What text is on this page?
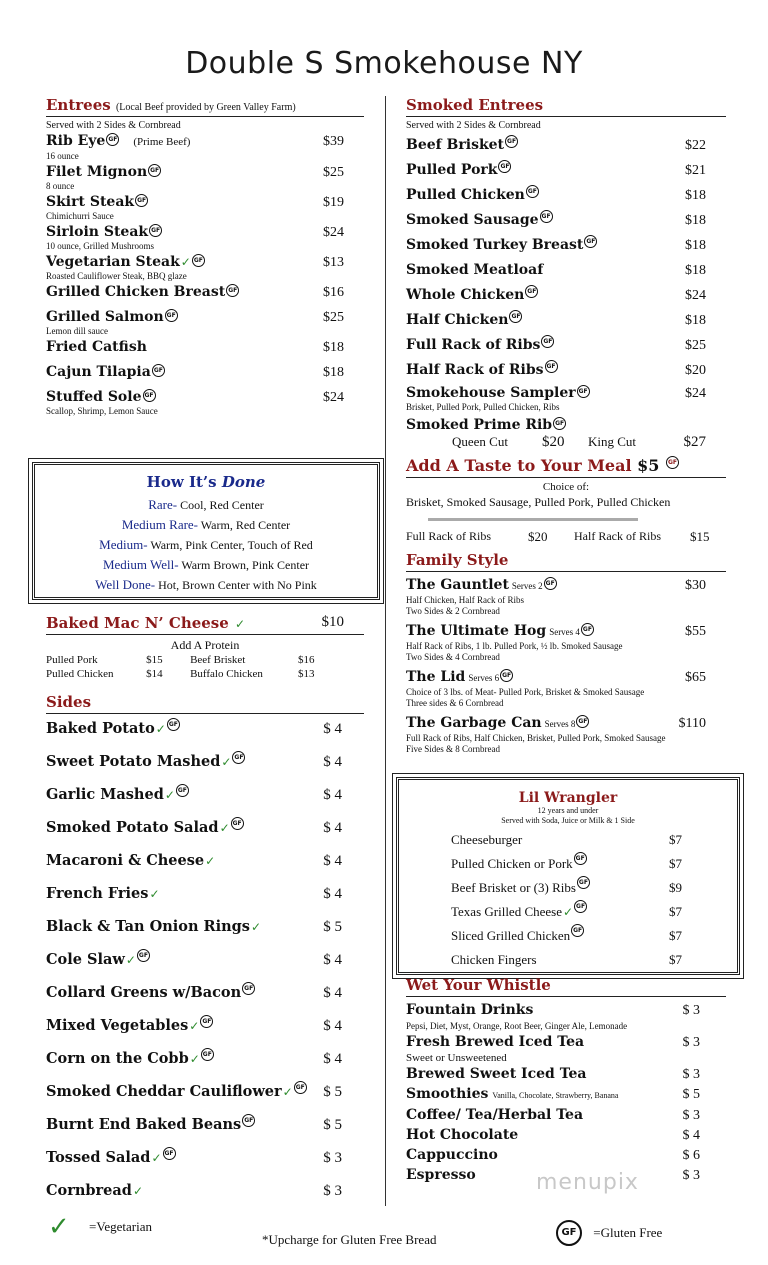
Double S Smokehouse NY
Entrees (Local Beef provided by Green Valley Farm)
Served with 2 Sides & Cornbread
Rib Eye GF (Prime Beef)	$39
16 ounce
Filet Mignon GF	$25
8 ounce
Skirt Steak GF	$19
Chimichurri Sauce
Sirloin Steak GF	$24
10 ounce, Grilled Mushrooms
Vegetarian Steak✓ GF	$13
Roasted Cauliflower Steak, BBQ glaze
Grilled Chicken Breast GF	$16
Grilled Salmon GF	$25
Lemon dill sauce
Fried Catfish	$18
Cajun Tilapia GF	$18
Stuffed Sole GF	$24
Scallop, Shrimp, Lemon Sauce
How It’s Done
Rare- Cool, Red Center
Medium Rare- Warm, Red Center
Medium- Warm, Pink Center, Touch of Red
Medium Well- Warm Brown, Pink Center
Well Done- Hot, Brown Center with No Pink
Baked Mac N’ Cheese ✓	$10
Add A Protein
Pulled Pork	$15	Beef Brisket	$16
Pulled Chicken	$14	Buffalo Chicken	$13
Sides
Baked Potato✓ GF	$ 4
Sweet Potato Mashed✓ GF	$ 4
Garlic Mashed✓ GF	$ 4
Smoked Potato Salad✓ GF	$ 4
Macaroni & Cheese✓	$ 4
French Fries✓	$ 4
Black & Tan Onion Rings✓	$ 5
Cole Slaw✓ GF	$ 4
Collard Greens w/Bacon GF	$ 4
Mixed Vegetables✓ GF	$ 4
Corn on the Cobb✓ GF	$ 4
Smoked Cheddar Cauliflower✓ GF $ 5
Burnt End Baked Beans GF	$ 5
Tossed Salad✓ GF	$ 3
Cornbread✓	$ 3
Smoked Entrees
Served with 2 Sides & Cornbread
Beef Brisket GF	$22
Pulled Pork GF	$21
Pulled Chicken GF	$18
Smoked Sausage GF	$18
Smoked Turkey Breast GF	$18
Smoked Meatloaf	$18
Whole Chicken GF	$24
Half Chicken GF	$18
Full Rack of Ribs GF	$25
Half Rack of Ribs GF	$20
Smokehouse Sampler GF	$24
Brisket, Pulled Pork, Pulled Chicken, Ribs
Smoked Prime Rib GF
Queen Cut $20 King Cut	$27
Add A Taste to Your Meal $5 GF
Choice of:
Brisket, Smoked Sausage, Pulled Pork, Pulled Chicken
Full Rack of Ribs	$20 Half Rack of Ribs $15
Family Style
The Gauntlet Serves 2 GF	$30
Half Chicken, Half Rack of Ribs
Two Sides & 2 Cornbread
The Ultimate Hog Serves 4 GF	$55
Half Rack of Ribs, 1 lb. Pulled Pork, ½ lb. Smoked Sausage
Two Sides & 4 Cornbread
The Lid Serves 6 GF	$65
Choice of 3 lbs. of Meat- Pulled Pork, Brisket & Smoked Sausage
Three sides & 6 Cornbread
The Garbage Can Serves 8 GF	$110
Full Rack of Ribs, Half Chicken, Brisket, Pulled Pork, Smoked Sausage
Five Sides & 8 Cornbread
Lil Wrangler
12 years and under
Served with Soda, Juice or Milk & 1 Side
Cheeseburger	$7
Pulled Chicken or Pork GF	$7
Beef Brisket or (3) Ribs GF	$9
Texas Grilled Cheese✓ GF	$7
Sliced Grilled Chicken GF	$7
Chicken Fingers	$7
Wet Your Whistle
Fountain Drinks	$ 3
Pepsi, Diet, Myst, Orange, Root Beer, Ginger Ale, Lemonade
Fresh Brewed Iced Tea	$ 3
Sweet or Unsweetened
Brewed Sweet Iced Tea	$ 3
Smoothies Vanilla, Chocolate, Strawberry, Banana	$ 5
Coffee/ Tea/Herbal Tea	$ 3
Hot Chocolate	$ 4
Cappuccino	$ 6
Espresso	$ 3
menupix
✓ =Vegetarian
*Upcharge for Gluten Free Bread	GF =Gluten Free
